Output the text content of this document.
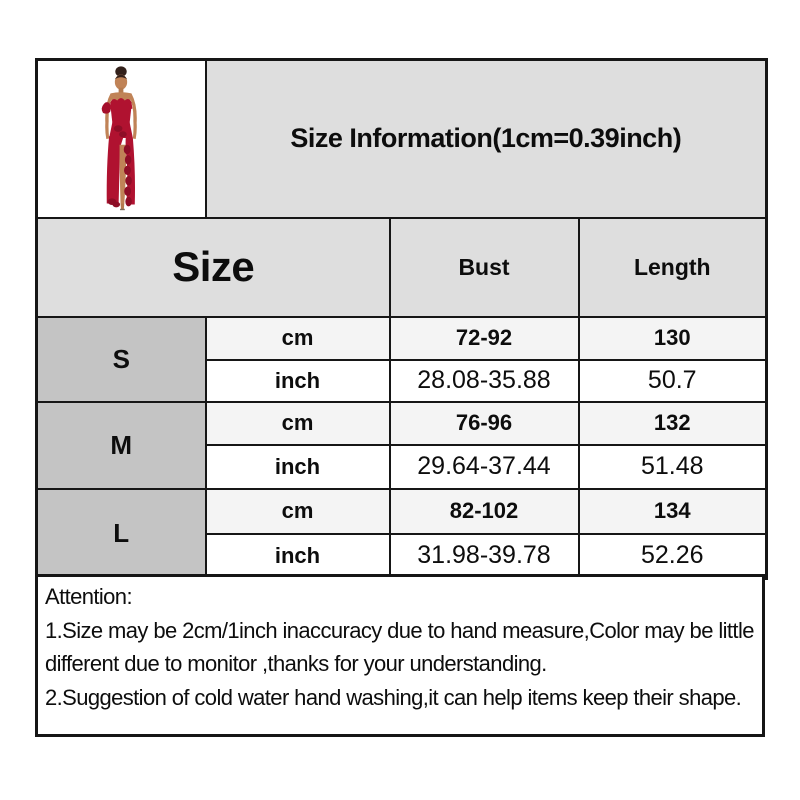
	Size Information(1cm=0.39inch)		
Size		Bust	Length
S	cm	72-92	130
	inch	28.08-35.88	50.7
M	cm	76-96	132
	inch	29.64-37.44	51.48
L	cm	82-102	134
	inch	31.98-39.78	52.26
Attention:
1.Size may be 2cm/1inch inaccuracy due to hand measure,Color may be little
different due to monitor ,thanks for your understanding.
2.Suggestion of cold water hand washing,it can help items keep their shape.
